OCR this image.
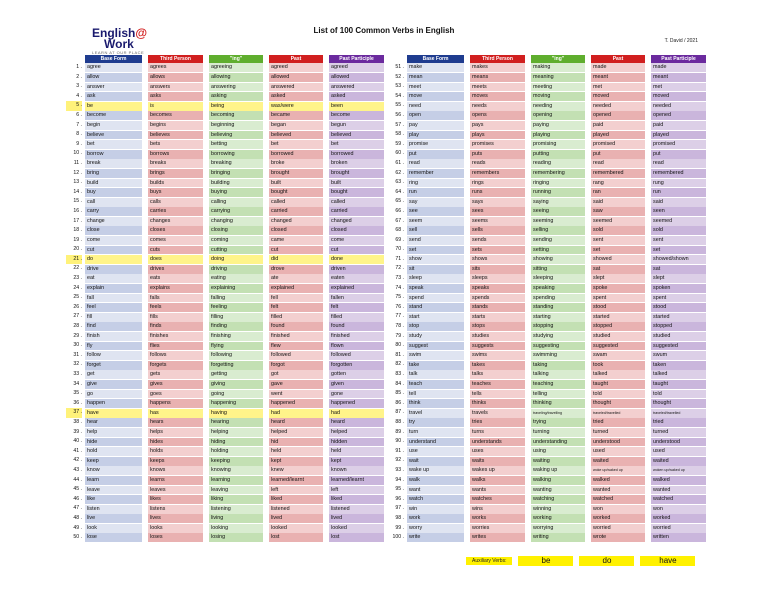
English@
Work
LEARN AT OUR PLACE
List of 100 Common Verbs in English
T. David / 2021
Base Form	Third Person	"ing"	Past	Past Participle
1 . agree	agrees	agreeing	agreed	agreed
2 . allow	allows	allowing	allowed	allowed
3 . answer	answers	answering	answered	answered
4 . ask	asks	asking	asked	asked
5 . be	is	being	was/were	been
6 . become	becomes	becoming	became	become
7 . begin	begins	beginning	began	begun
8 . believe	believes	believing	believed	believed
9 . bet	bets	betting	bet	bet
10 . borrow	borrows	borrowing	borrowed	borrowed
11 . break	breaks	breaking	broke	broken
12 . bring	brings	bringing	brought	brought
13 . build	builds	building	built	built
14 . buy	buys	buying	bought	bought
15 . call	calls	calling	called	called
16 . carry	carries	carrying	carried	carried
17 . change	changes	changing	changed	changed
18 . close	closes	closing	closed	closed
19 . come	comes	coming	came	come
20 . cut	cuts	cutting	cut	cut
21 . do	does	doing	did	done
22 . drive	drives	driving	drove	driven
23 . eat	eats	eating	ate	eaten
24 . explain	explains	explaining	explained	explained
25 . fall	falls	falling	fell	fallen
26 . feel	feels	feeling	felt	felt
27 . fill	fills	filling	filled	filled
28 . find	finds	finding	found	found
29 . finish	finishes	finishing	finished	finished
30 . fly	flies	flying	flew	flown
31 . follow	follows	following	followed	followed
32 . forget	forgets	forgetting	forgot	forgotten
33 . get	gets	getting	got	gotten
34 . give	gives	giving	gave	given
35 . go	goes	going	went	gone
36 . happen	happens	happening	happened	happened
37 . have	has	having	had	had
38 . hear	hears	hearing	heard	heard
39 . help	helps	helping	helped	helped
40 . hide	hides	hiding	hid	hidden
41 . hold	holds	holding	held	held
42 . keep	keeps	keeping	kept	kept
43 . know	knows	knowing	knew	known
44 . learn	learns	learning	learned/learnt	learned/learnt
45 . leave	leaves	leaving	left	left
46 . like	likes	liking	liked	liked
47 . listen	listens	listening	listened	listened
48 . live	lives	living	lived	lived
49 . look	looks	looking	looked	looked
50 . lose	loses	losing	lost	lost
Base Form	Third Person	"ing"	Past	Past Participle
51 . make	makes	making	made	made
52 . mean	means	meaning	meant	meant
53 . meet	meets	meeting	met	met
54 . move	moves	moving	moved	moved
55 . need	needs	needing	needed	needed
56 . open	opens	opening	opened	opened
57 . pay	pays	paying	paid	paid
58 . play	plays	playing	played	played
59 . promise	promises	promising	promised	promised
60 . put	puts	putting	put	put
61 . read	reads	reading	read	read
62 . remember	remembers	remembering	remembered	remembered
63 . ring	rings	ringing	rang	rung
64 . run	runs	running	ran	run
65 . say	says	saying	said	said
66 . see	sees	seeing	saw	seen
67 . seem	seems	seeming	seemed	seemed
68 . sell	sells	selling	sold	sold
69 . send	sends	sending	sent	sent
70 . set	sets	setting	set	set
71 . show	shows	showing	showed	showed/shown
72 . sit	sits	sitting	sat	sat
73 . sleep	sleeps	sleeping	slept	slept
74 . speak	speaks	speaking	spoke	spoken
75 . spend	spends	spending	spent	spent
76 . stand	stands	standing	stood	stood
77 . start	starts	starting	started	started
78 . stop	stops	stopping	stopped	stopped
79 . study	studies	studying	studied	studied
80 . suggest	suggests	suggesting	suggested	suggested
81 . swim	swims	swimming	swam	swum
82 . take	takes	taking	took	taken
83 . talk	talks	talking	talked	talked
84 . teach	teaches	teaching	taught	taught
85 . tell	tells	telling	told	told
86 . think	thinks	thinking	thought	thought
87 . travel	travels	traveling/travelling	traveled/travelled	traveled/travelled
88 . try	tries	trying	tried	tried
89 . turn	turns	turning	turned	turned
90 . understand	understands	understanding	understood	understood
91 . use	uses	using	used	used
92 . wait	waits	waiting	waited	waited
93 . wake up	wakes up	waking up	woke up/waked up	woken up/waked up
94 . walk	walks	walking	walked	walked
95 . want	wants	wanting	wanted	wanted
96 . watch	watches	watching	watched	watched
97 . win	wins	winning	won	won
98 . work	works	working	worked	worked
99 . worry	worries	worrying	worried	worried
100 . write	writes	writing	wrote	written
Auxiliary Verbs:	be	do	have
